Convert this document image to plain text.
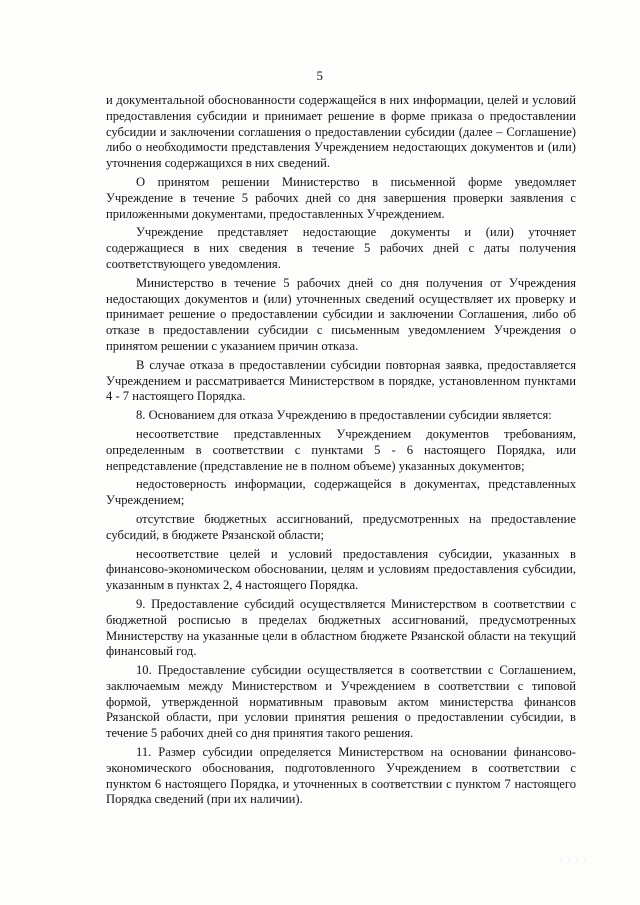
5

и документальной обоснованности содержащейся в них информации, целей и условий предоставления субсидии и принимает решение в форме приказа о предоставлении субсидии и заключении соглашения о предоставлении субсидии (далее – Соглашение) либо о необходимости представления Учреждением недостающих документов и (или) уточнения содержащихся в них сведений.

О принятом решении Министерство в письменной форме уведомляет Учреждение в течение 5 рабочих дней со дня завершения проверки заявления с приложенными документами, предоставленных Учреждением.

Учреждение представляет недостающие документы и (или) уточняет содержащиеся в них сведения в течение 5 рабочих дней с даты получения соответствующего уведомления.

Министерство в течение 5 рабочих дней со дня получения от Учреждения недостающих документов и (или) уточненных сведений осуществляет их проверку и принимает решение о предоставлении субсидии и заключении Соглашения, либо об отказе в предоставлении субсидии с письменным уведомлением Учреждения о принятом решении с указанием причин отказа.

В случае отказа в предоставлении субсидии повторная заявка, предоставляется Учреждением и рассматривается Министерством в порядке, установленном пунктами 4 - 7 настоящего Порядка.

8. Основанием для отказа Учреждению в предоставлении субсидии является:

несоответствие представленных Учреждением документов требованиям, определенным в соответствии с пунктами 5 - 6 настоящего Порядка, или непредставление (представление не в полном объеме) указанных документов;

недостоверность информации, содержащейся в документах, представленных Учреждением;

отсутствие бюджетных ассигнований, предусмотренных на предоставление субсидий, в бюджете Рязанской области;

несоответствие целей и условий предоставления субсидии, указанных в финансово-экономическом обосновании, целям и условиям предоставления субсидии, указанным в пунктах 2, 4 настоящего Порядка.

9. Предоставление субсидий осуществляется Министерством в соответствии с бюджетной росписью в пределах бюджетных ассигнований, предусмотренных Министерству на указанные цели в областном бюджете Рязанской области на текущий финансовый год.

10. Предоставление субсидии осуществляется в соответствии с Соглашением, заключаемым между Министерством и Учреждением в соответствии с типовой формой, утвержденной нормативным правовым актом министерства финансов Рязанской области, при условии принятия решения о предоставлении субсидии, в течение 5 рабочих дней со дня принятия такого решения.

11. Размер субсидии определяется Министерством на основании финансово-экономического обоснования, подготовленного Учреждением в соответствии с пунктом 6 настоящего Порядка, и уточненных в соответствии с пунктом 7 настоящего Порядка сведений (при их наличии).

· · · ·
